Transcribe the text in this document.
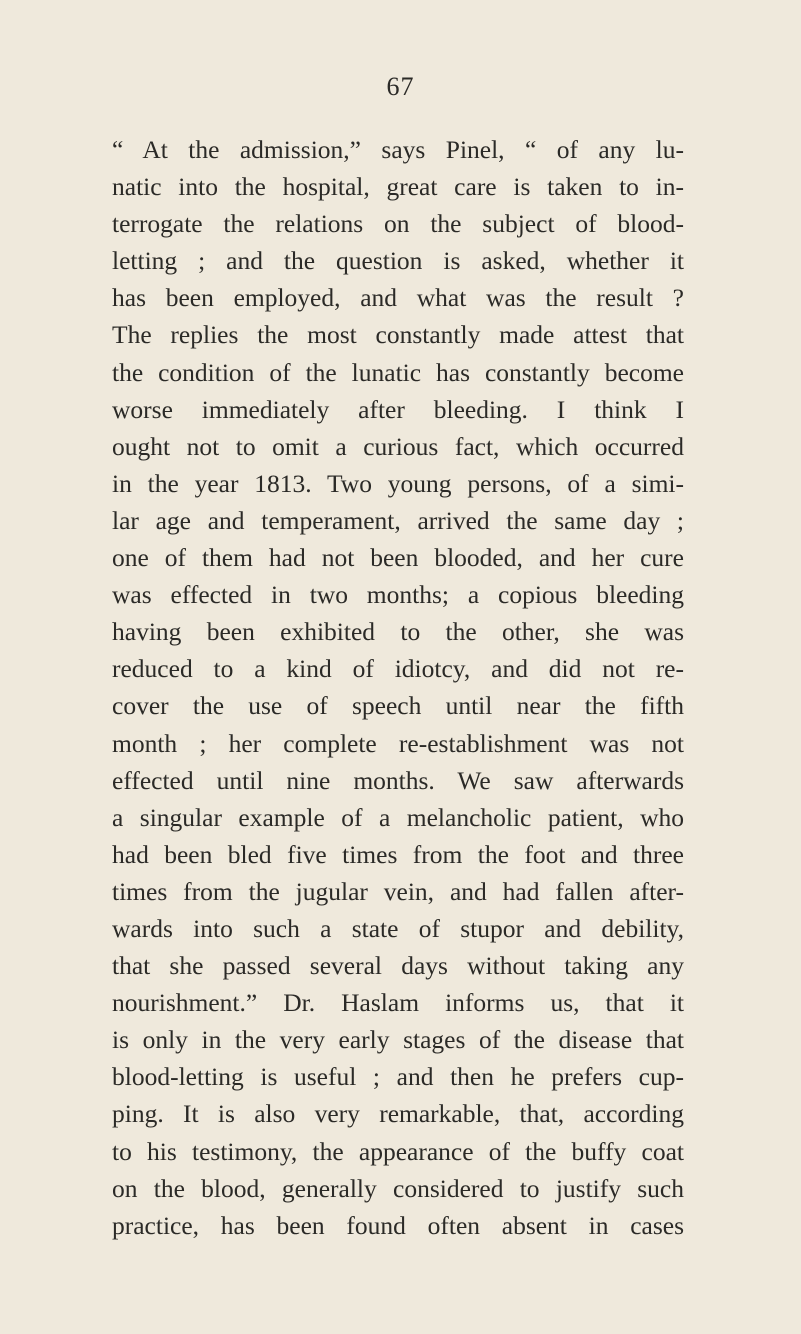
67
“ At the admission,” says Pinel, “ of any lu-
natic into the hospital, great care is taken to in-
terrogate the relations on the subject of blood-
letting ; and the question is asked, whether it
has been employed, and what was the result ?
The replies the most constantly made attest that
the condition of the lunatic has constantly become
worse immediately after bleeding. I think I
ought not to omit a curious fact, which occurred
in the year 1813. Two young persons, of a simi-
lar age and temperament, arrived the same day ;
one of them had not been blooded, and her cure
was effected in two months; a copious bleeding
having been exhibited to the other, she was
reduced to a kind of idiotcy, and did not re-
cover the use of speech until near the fifth
month ; her complete re-establishment was not
effected until nine months. We saw afterwards
a singular example of a melancholic patient, who
had been bled five times from the foot and three
times from the jugular vein, and had fallen after-
wards into such a state of stupor and debility,
that she passed several days without taking any
nourishment.” Dr. Haslam informs us, that it
is only in the very early stages of the disease that
blood-letting is useful ; and then he prefers cup-
ping. It is also very remarkable, that, according
to his testimony, the appearance of the buffy coat
on the blood, generally considered to justify such
practice, has been found often absent in cases
